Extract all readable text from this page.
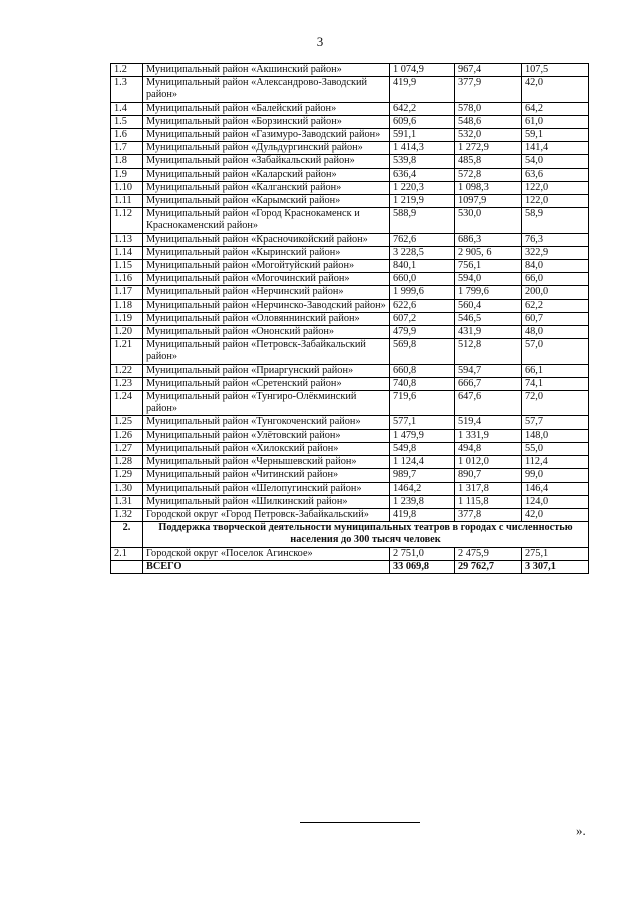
3
1.2	Муниципальный район «Акшинский район»	1 074,9	967,4	107,5
1.3	Муниципальный район «Александрово-Заводский район»	419,9	377,9	42,0
1.4	Муниципальный район «Балейский район»	642,2	578,0	64,2
1.5	Муниципальный район «Борзинский район»	609,6	548,6	61,0
1.6	Муниципальный район «Газимуро-Заводский район»	591,1	532,0	59,1
1.7	Муниципальный район «Дульдургинский район»	1 414,3	1 272,9	141,4
1.8	Муниципальный район «Забайкальский район»	539,8	485,8	54,0
1.9	Муниципальный район «Каларский район»	636,4	572,8	63,6
1.10	Муниципальный район «Калганский район»	1 220,3	1 098,3	122,0
1.11	Муниципальный район «Карымский район»	1 219,9	1097,9	122,0
1.12	Муниципальный район «Город Краснокаменск и Краснокаменский район»	588,9	530,0	58,9
1.13	Муниципальный район «Красночикойский район»	762,6	686,3	76,3
1.14	Муниципальный район «Кыринский район»	3 228,5	2 905, 6	322,9
1.15	Муниципальный район «Могойтуйский район»	840,1	756,1	84,0
1.16	Муниципальный район «Могочинский район»	660,0	594,0	66,0
1.17	Муниципальный район «Нерчинский район»	1 999,6	1 799,6	200,0
1.18	Муниципальный район «Нерчинско-Заводский район»	622,6	560,4	62,2
1.19	Муниципальный район «Оловяннинский район»	607,2	546,5	60,7
1.20	Муниципальный район «Ононский район»	479,9	431,9	48,0
1.21	Муниципальный район «Петровск-Забайкальский район»	569,8	512,8	57,0
1.22	Муниципальный район «Приаргунский район»	660,8	594,7	66,1
1.23	Муниципальный район «Сретенский район»	740,8	666,7	74,1
1.24	Муниципальный район «Тунгиро-Олёкминский район»	719,6	647,6	72,0
1.25	Муниципальный район «Тунгокоченский район»	577,1	519,4	57,7
1.26	Муниципальный район «Улётовский район»	1 479,9	1 331,9	148,0
1.27	Муниципальный район «Хилокский район»	549,8	494,8	55,0
1.28	Муниципальный район «Чернышевский район»	1 124,4	1 012,0	112,4
1.29	Муниципальный район «Читинский район»	989,7	890,7	99,0
1.30	Муниципальный район «Шелопугинский район»	1464,2	1 317,8	146,4
1.31	Муниципальный район «Шилкинский район»	1 239,8	1 115,8	124,0
1.32	Городской округ «Город Петровск-Забайкальский»	419,8	377,8	42,0
2.	Поддержка творческой деятельности муниципальных театров в городах с численностью населения до 300 тысяч человек			
2.1	Городской округ «Поселок Агинское»	2 751,0	2 475,9	275,1
	ВСЕГО	33 069,8	29 762,7	3 307,1
».
